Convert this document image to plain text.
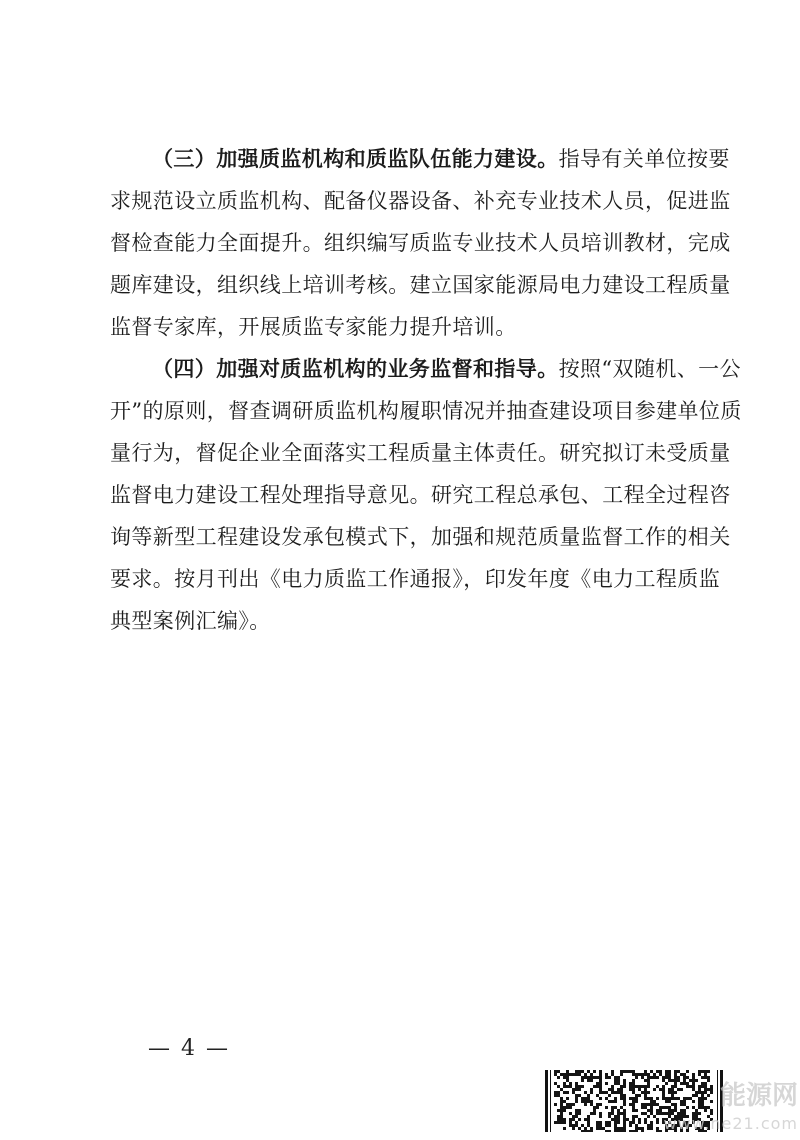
（三）加强质监机构和质监队伍能力建设。指导有关单位按要
求规范设立质监机构、配备仪器设备、补充专业技术人员，促进监
督检查能力全面提升。组织编写质监专业技术人员培训教材，完成
题库建设，组织线上培训考核。建立国家能源局电力建设工程质量
监督专家库，开展质监专家能力提升培训。
（四）加强对质监机构的业务监督和指导。按照“双随机、一公
开”的原则，督查调研质监机构履职情况并抽查建设项目参建单位质
量行为，督促企业全面落实工程质量主体责任。研究拟订未受质量
监督电力建设工程处理指导意见。研究工程总承包、工程全过程咨
询等新型工程建设发承包模式下，加强和规范质量监督工作的相关
要求。按月刊出《电力质监工作通报》，印发年度《电力工程质监
典型案例汇编》。
— 4 —
能源网
www.ne21.com
